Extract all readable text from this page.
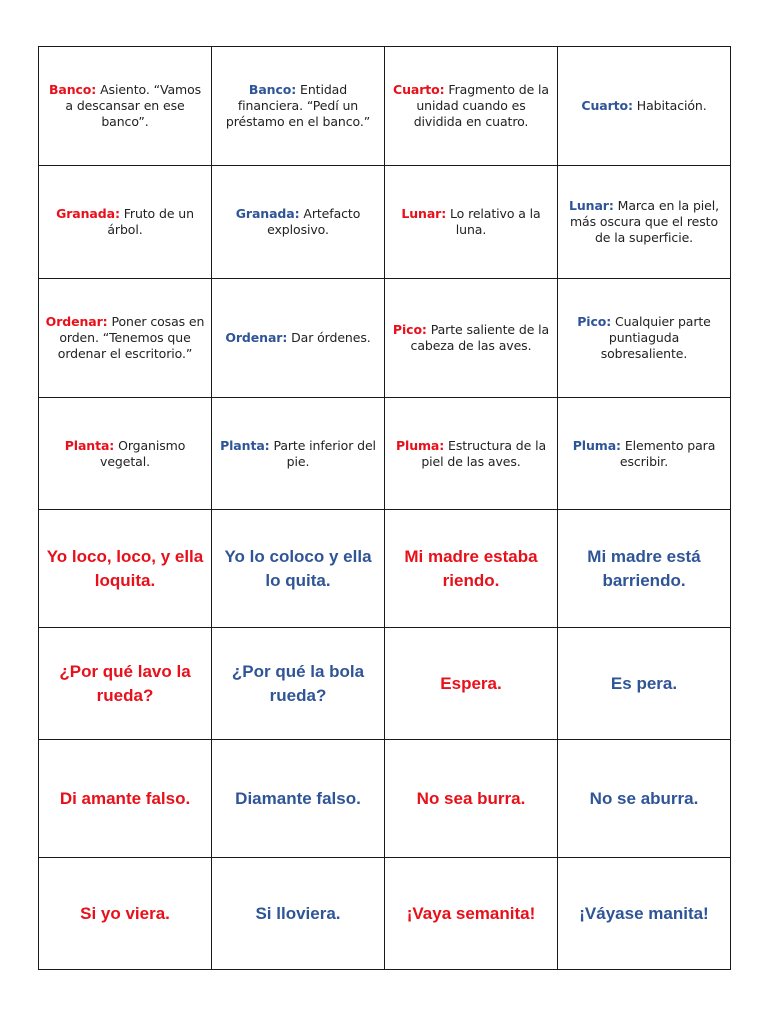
Banco: Asiento. “Vamos a descansar en ese banco”.	Banco: Entidad financiera. “Pedí un préstamo en el banco.”	Cuarto: Fragmento de la unidad cuando es dividida en cuatro.	Cuarto: Habitación.
Granada: Fruto de un árbol.	Granada: Artefacto explosivo.	Lunar: Lo relativo a la luna.	Lunar: Marca en la piel, más oscura que el resto de la superficie.
Ordenar: Poner cosas en orden. “Tenemos que ordenar el escritorio.”	Ordenar: Dar órdenes.	Pico: Parte saliente de la cabeza de las aves.	Pico: Cualquier parte puntiaguda sobresaliente.
Planta: Organismo vegetal.	Planta: Parte inferior del pie.	Pluma: Estructura de la piel de las aves.	Pluma: Elemento para escribir.
Yo loco, loco, y ella loquita.	Yo lo coloco y ella lo quita.	Mi madre estaba riendo.	Mi madre está barriendo.
¿Por qué lavo la rueda?	¿Por qué la bola rueda?	Espera.	Es pera.
Di amante falso.	Diamante falso.	No sea burra.	No se aburra.
Si yo viera.	Si lloviera.	¡Vaya semanita!	¡Váyase manita!
